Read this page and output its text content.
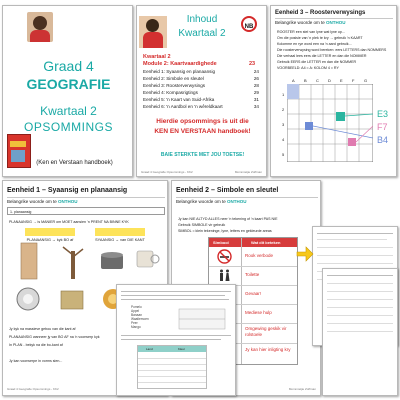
Graad 4
GEOGRAFIE
Kwartaal 2
OPSOMMINGS
(Ken en Verstaan handboek)
Inhoud
Kwartaal 2
NB
Kwartaal 2
Module 2: Kaartvaardighede	23
Eenheid 1: Syaansig en planaansig	24
Eenheid 2: Simbole en sleutel	26
Eenheid 3: Roosterverwysings	28
Eenheid 4: Kompasrigtings	29
Eenheid 5: 'n Kaart van Suid-Afrika	31
Eenheid 6: 'n Aardbol en 'n wêreldkaart	34
Hierdie opsommings is uit die
KEN EN VERSTAAN handboek!
BAIE STERKTE MET JOU TOETSE!
Graad 4 Geografie Opsommings - KK2	Mommietjie Zoffman
Eenheid 3 – Roosterverwysings
Belangrike woorde om te ONTHOU
ROOSTER een stel van lyne wat lyne op...
Om die posisie van 'n plek te kry → gebruik 'n KAART
Kolomme en rye word een na 'n aard gebruik...
Die roosterverwysing word bereken: eers LETTERS dan NOMMERS
Die verhaal lees eers die LETTER en dan die NOMMER
Gebruik EERS die LETTER en dan die NOMMER
VOORBEELD: A4 = A: KOLOM 4 = RY
A B C D E F G
1
2
3
4
5
E3
F7
B4
Eenheid 1 – Syaansig en planaansig
Belangrike woorde om te ONTHOU
1. planaansig
PLANAANSIG → is MANIER om MOET aansien 'n PRENT NA BINNE KYK
PLANAANSIG → kyk BO af	SYAANSIG → van DIE KANT
Jy kyk na massieve gebou van die kant af
PLANAANSIG wanneer jy van BO AF na 'n voorwerp kyk
In PLAN - bekyk na die bo-kant af
Jy kan voorwerpe in vorms sien...
Graad 4 Geografie Opsommings - KK2
Eenheid 2 – Simbole en sleutel
Belangrike woorde om te ONTHOU
Jy kan NIE ALTYD ALLES neer 'n tekening of 'n kaart PAS NIE
Gebruik SIMBOLE vir gebruik
SIMBOL = klein tekeninge, lyne, letters en gekleurde areas
Simbool	Wat dit beteken
Rook verbode
Toilette
Gevaar!
Mediese hulp
Omgewing geskik vir rolstoele
Jy kan hier inligting kry
Mommietjie Zoffman
Pomelo
Appel
Banaan
Waatlemoen
Peer
Mango
Land	Kleur
